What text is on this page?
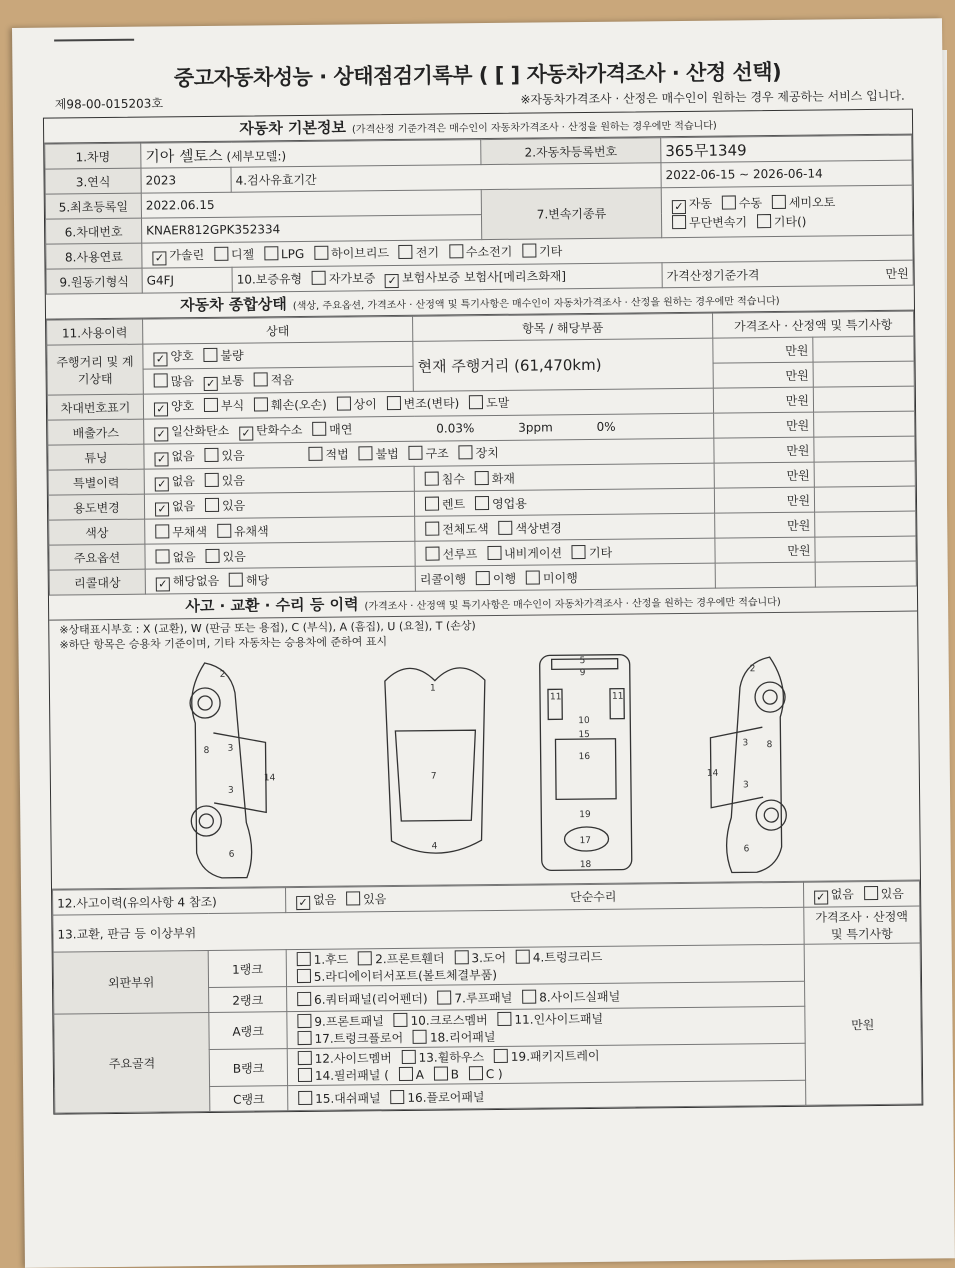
중고자동차성능 · 상태점검기록부 ( [ ] 자동차가격조사 · 산정 선택)
제98-00-015203호	※자동차가격조사 · 산정은 매수인이 원하는 경우 제공하는 서비스 입니다.
자동차 기본정보 (가격산정 기준가격은 매수인이 자동차가격조사 · 산정을 원하는 경우에만 적습니다)
1.차명	기아 셀토스 (세부모델:)		2.자동차등록번호	365무1349
3.연식	2023	4.검사유효기간		2022-06-15 ~ 2026-06-14
5.최초등록일	2022.06.15		7.변속기종류	✓ 자동 수동 세미오토
무단변속기 기타()
6.차대번호	KNAER812GPK352334			
8.사용연료	✓ 가솔린 디젤 LPG 하이브리드 전기 수소전기 기타			
9.원동기형식	G4FJ	10.보증유형 자가보증 ✓ 보험사보증 보험사[메리츠화재]		가격산정기준가격 만원
자동차 종합상태 (색상, 주요옵션, 가격조사 · 산정액 및 특기사항은 매수인이 자동차가격조사 · 산정을 원하는 경우에만 적습니다)
11.사용이력	상태	항목 / 해당부품	가격조사 · 산정액 및 특기사항	
주행거리 및 계기상태	✓ 양호 불량	현재 주행거리 (61,470km)	만원	
	많음 ✓ 보통 적음		만원	
차대번호표기	✓ 양호 부식 훼손(오손) 상이 변조(변타) 도말		만원	
배출가스	✓ 일산화탄소 ✓ 탄화수소 매연 0.03% 3ppm 0%		만원	
튜닝	✓ 없음 있음 적법 불법 구조 장치		만원	
특별이력	✓ 없음 있음	침수 화재	만원	
용도변경	✓ 없음 있음	렌트 영업용	만원	
색상	무채색 유채색	전체도색 색상변경	만원	
주요옵션	없음 있음	선루프 내비게이션 기타	만원	
리콜대상	✓ 해당없음 해당	리콜이행 이행 미이행		
사고 · 교환 · 수리 등 이력 (가격조사 · 산정액 및 특기사항은 매수인이 자동차가격조사 · 산정을 원하는 경우에만 적습니다)
※상태표시부호 : X (교환), W (판금 또는 용접), C (부식), A (흠집), U (요철), T (손상)
※하단 항목은 승용차 기준이며, 기타 자동차는 승용차에 준하여 표시
2
3
3
8
14
6
1
7
4
5
9
11	11
10
15
16
19
17
18
2
3
3
8
14
6
12.사고이력(유의사항 4 참조)		✓ 없음 있음 단순수리	✓ 없음 있음
13.교환, 판금 등 이상부위			가격조사 · 산정액 및 특기사항
외판부위	1랭크	1.후드 2.프론트휀더 3.도어 4.트렁크리드
5.라디에이터서포트(볼트체결부품)	만원
	2랭크	6.쿼터패널(리어펜더) 7.루프패널 8.사이드실패널	
주요골격	A랭크	9.프론트패널 10.크로스멤버 11.인사이드패널
17.트렁크플로어 18.리어패널	
	B랭크	12.사이드멤버 13.휠하우스 19.패키지트레이
14.필러패널 ( A B C )	
	C랭크	15.대쉬패널 16.플로어패널	
